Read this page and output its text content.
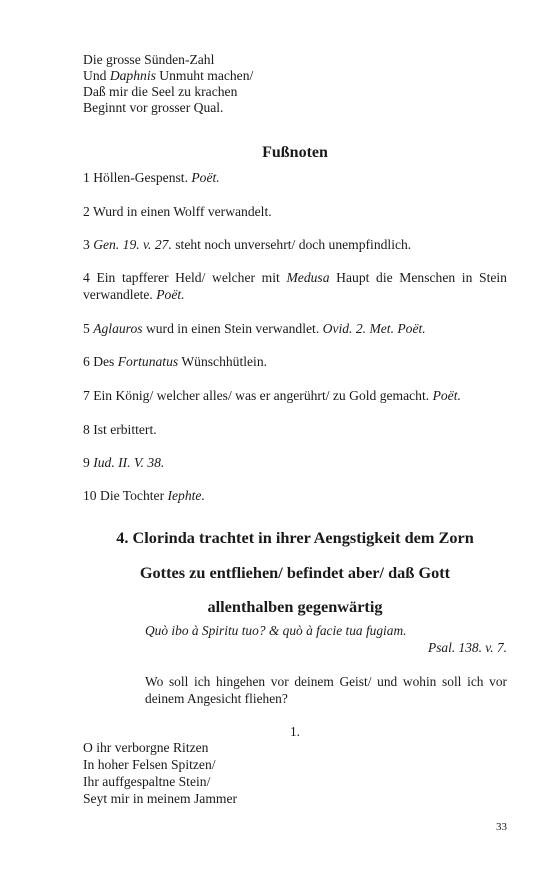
Die grosse Sünden-Zahl
Und Daphnis Unmuht machen/
Daß mir die Seel zu krachen
Beginnt vor grosser Qual.
Fußnoten
1 Höllen-Gespenst. Poët.
2 Wurd in einen Wolff verwandelt.
3 Gen. 19. v. 27. steht noch unversehrt/ doch unempfindlich.
4 Ein tapfferer Held/ welcher mit Medusa Haupt die Menschen in Stein verwandlete. Poët.
5 Aglauros wurd in einen Stein verwandlet. Ovid. 2. Met. Poët.
6 Des Fortunatus Wünschhütlein.
7 Ein König/ welcher alles/ was er angerührt/ zu Gold gemacht. Poët.
8 Ist erbittert.
9 Iud. II. V. 38.
10 Die Tochter Iephte.
4. Clorinda trachtet in ihrer Aengstigkeit dem Zorn
Gottes zu entfliehen/ befindet aber/ daß Gott
allenthalben gegenwärtig
Quò ibo à Spiritu tuo? & quò à facie tua fugiam.
Psal. 138. v. 7.
Wo soll ich hingehen vor deinem Geist/ und wohin soll ich vor deinem Angesicht fliehen?
1.
O ihr verborgne Ritzen
In hoher Felsen Spitzen/
Ihr auffgespaltne Stein/
Seyt mir in meinem Jammer
33
